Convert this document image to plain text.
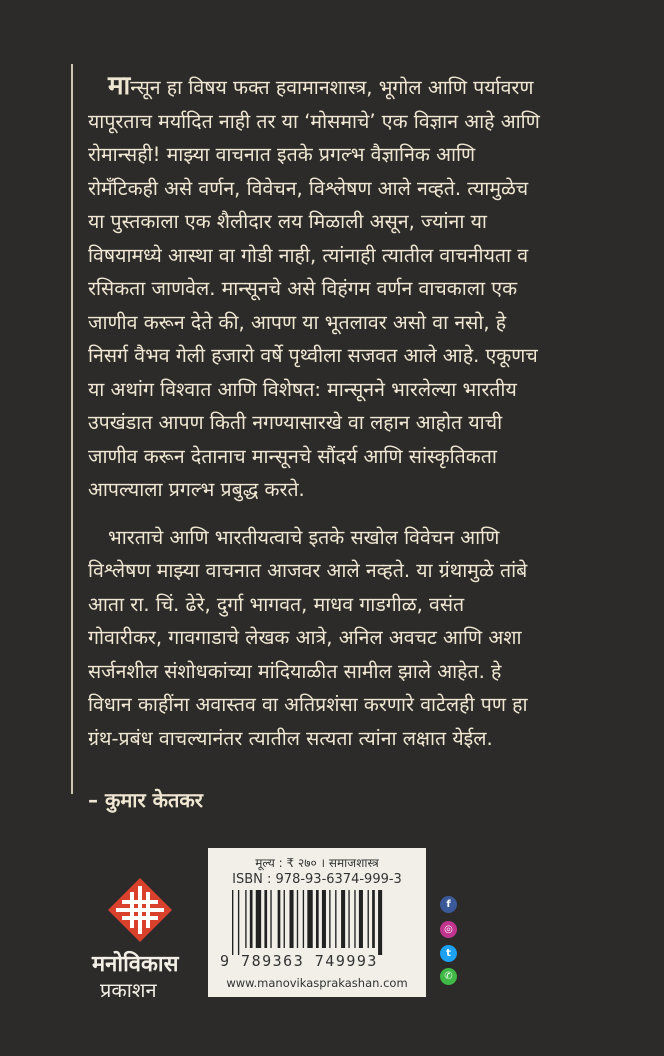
मान्सून हा विषय फक्त हवामानशास्त्र, भूगोल आणि पर्यावरण
यापूरताच मर्यादित नाही तर या ‘मोसमाचे’ एक विज्ञान आहे आणि
रोमान्सही! माझ्या वाचनात इतके प्रगल्भ वैज्ञानिक आणि
रोमँटिकही असे वर्णन, विवेचन, विश्लेषण आले नव्हते. त्यामुळेच
या पुस्तकाला एक शैलीदार लय मिळाली असून, ज्यांना या
विषयामध्ये आस्था वा गोडी नाही, त्यांनाही त्यातील वाचनीयता व
रसिकता जाणवेल. मान्सूनचे असे विहंगम वर्णन वाचकाला एक
जाणीव करून देते की, आपण या भूतलावर असो वा नसो, हे
निसर्ग वैभव गेली हजारो वर्षे पृथ्वीला सजवत आले आहे. एकूणच
या अथांग विश्वात आणि विशेषत: मान्सूनने भारलेल्या भारतीय
उपखंडात आपण किती नगण्यासारखे वा लहान आहोत याची
जाणीव करून देतानाच मान्सूनचे सौंदर्य आणि सांस्कृतिकता
आपल्याला प्रगल्भ प्रबुद्ध करते.
भारताचे आणि भारतीयत्वाचे इतके सखोल विवेचन आणि
विश्लेषण माझ्या वाचनात आजवर आले नव्हते. या ग्रंथामुळे तांबे
आता रा. चिं. ढेरे, दुर्गा भागवत, माधव गाडगीळ, वसंत
गोवारीकर, गावगाडाचे लेखक आत्रे, अनिल अवचट आणि अशा
सर्जनशील संशोधकांच्या मांदियाळीत सामील झाले आहेत. हे
विधान काहींना अवास्तव वा अतिप्रशंसा करणारे वाटेलही पण हा
ग्रंथ-प्रबंध वाचल्यानंतर त्यातील सत्यता त्यांना लक्षात येईल.
– कुमार केतकर
मनोविकास
प्रकाशन
मूल्य : ₹ २७० । समाजशास्त्र
ISBN : 978-93-6374-999-3
9 789363 749993
www.manovikasprakashan.com
f
◎
t
✆
